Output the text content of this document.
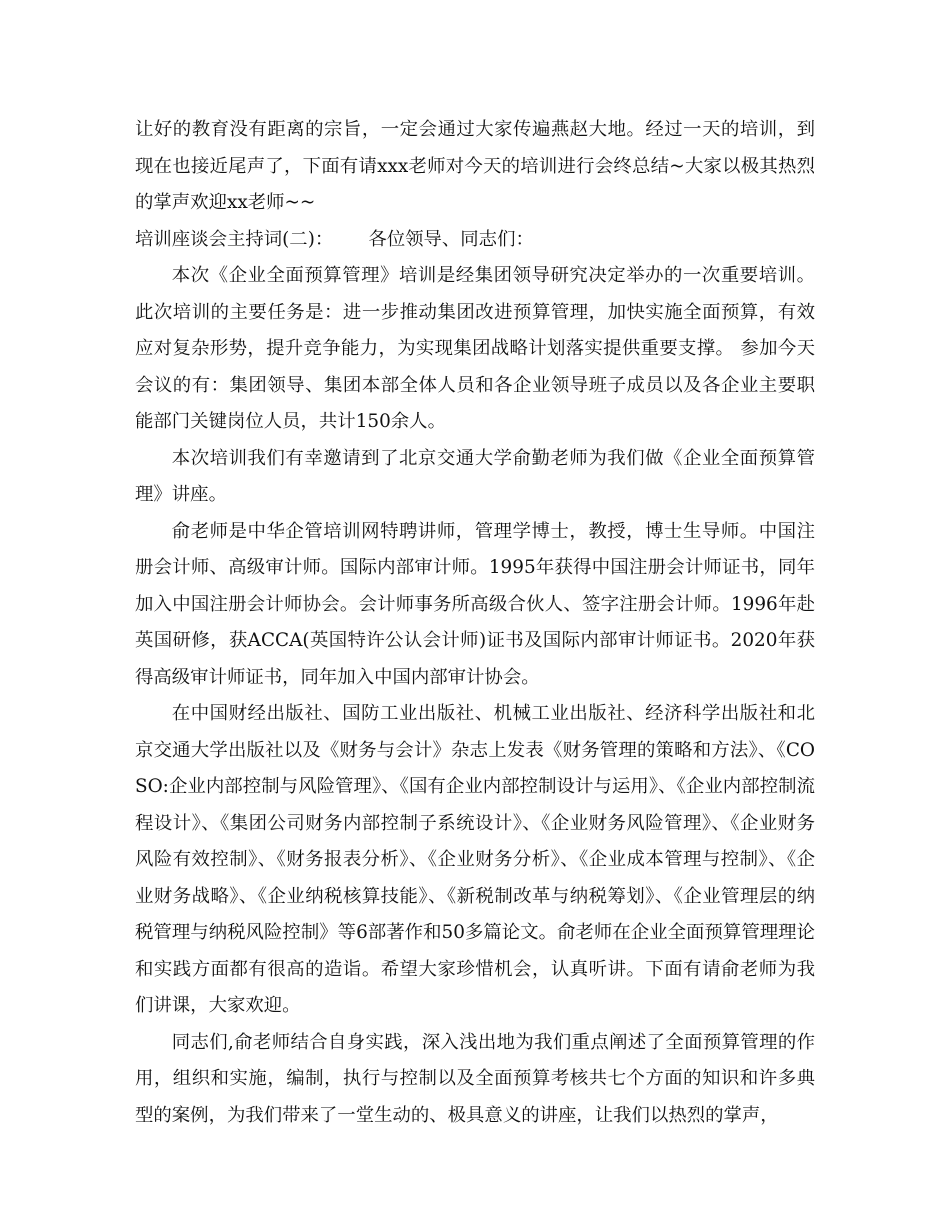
让好的教育没有距离的宗旨，一定会通过大家传遍燕赵大地。经过一天的培训，到现在也接近尾声了，下面有请xxx老师对今天的培训进行会终总结~大家以极其热烈的掌声欢迎xx老师~~

培训座谈会主持词(二)：      各位领导、同志们：

本次《企业全面预算管理》培训是经集团领导研究决定举办的一次重要培训。此次培训的主要任务是：进一步推动集团改进预算管理，加快实施全面预算，有效应对复杂形势，提升竞争能力，为实现集团战略计划落实提供重要支撑。 参加今天会议的有：集团领导、集团本部全体人员和各企业领导班子成员以及各企业主要职能部门关键岗位人员，共计150余人。

本次培训我们有幸邀请到了北京交通大学俞勤老师为我们做《企业全面预算管理》讲座。

俞老师是中华企管培训网特聘讲师，管理学博士，教授，博士生导师。中国注册会计师、高级审计师。国际内部审计师。1995年获得中国注册会计师证书，同年加入中国注册会计师协会。会计师事务所高级合伙人、签字注册会计师。1996年赴英国研修，获ACCA(英国特许公认会计师)证书及国际内部审计师证书。2020年获得高级审计师证书，同年加入中国内部审计协会。

在中国财经出版社、国防工业出版社、机械工业出版社、经济科学出版社和北京交通大学出版社以及《财务与会计》杂志上发表《财务管理的策略和方法》、《COSO:企业内部控制与风险管理》、《国有企业内部控制设计与运用》、《企业内部控制流程设计》、《集团公司财务内部控制子系统设计》、《企业财务风险管理》、《企业财务风险有效控制》、《财务报表分析》、《企业财务分析》、《企业成本管理与控制》、《企业财务战略》、《企业纳税核算技能》、《新税制改革与纳税筹划》、《企业管理层的纳税管理与纳税风险控制》等6部著作和50多篇论文。俞老师在企业全面预算管理理论和实践方面都有很高的造诣。希望大家珍惜机会，认真听讲。下面有请俞老师为我们讲课，大家欢迎。

同志们,俞老师结合自身实践，深入浅出地为我们重点阐述了全面预算管理的作用，组织和实施，编制，执行与控制以及全面预算考核共七个方面的知识和许多典型的案例，为我们带来了一堂生动的、极具意义的讲座，让我们以热烈的掌声，
